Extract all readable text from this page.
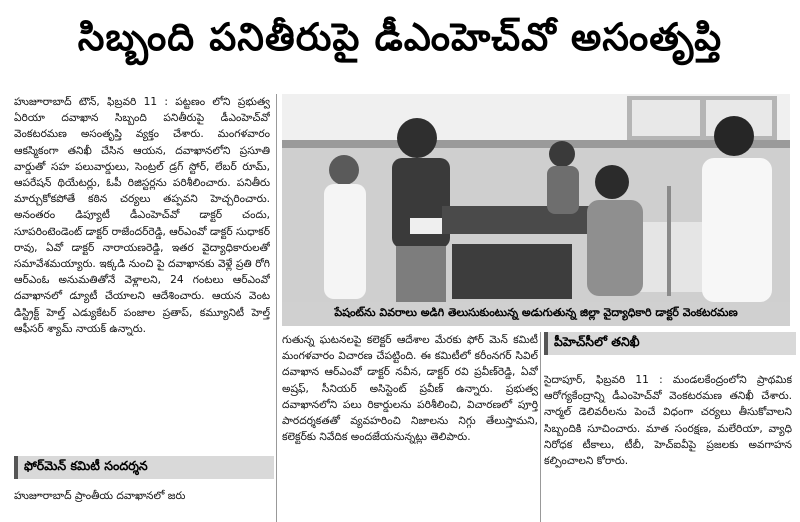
సిబ్బంది పనితీరుపై డీఎంహెచ్‌వో అసంతృప్తి

హుజూరాబాద్ టౌన్, ఫిబ్రవరి 11 : పట్టణం లోని ప్రభుత్వ ఏరియా దవాఖాన సిబ్బంది పనితీరుపై డీఎంహెచ్‌వో వెంకటరమణ అసంతృప్తి వ్యక్తం చేశారు. మంగళవారం ఆకస్మికంగా తనిఖీ చేసిన ఆయన, దవాఖానలోని ప్రసూతి వార్డుతో సహ పలువార్డులు, సెంట్రల్ డ్రగ్ స్టోర్, లేబర్ రూమ్, ఆపరేషన్ థియేటర్లు, ఓపీ రిజిస్టర్లను పరిశీలించారు. పనితీరు మార్చుకోకపోతే కఠిన చర్యలు తప్పవని హెచ్చరించారు. అనంతరం డిప్యూటీ డీఎంహెచ్‌వో డాక్టర్ చందు, సూపరింటెండెంట్ డాక్టర్ రాజేందర్‌రెడ్డి, ఆర్ఎంవో డాక్టర్ సుధాకర్ రావు, ఏవో డాక్టర్ నారాయణరెడ్డి, ఇతర వైద్యాధికారులతో సమావేశమయ్యారు. ఇక్కడి నుంచి పై దవాఖానకు వెళ్లే ప్రతి రోగి ఆర్ఎంఓ అనుమతితోనే వెళ్లాలని, 24 గంటలు ఆర్ఎంవో దవాఖానలో డ్యూటీ చేయాలని ఆదేశించారు. ఆయన వెంట డిస్ట్రిక్ట్ హెల్త్ ఎడ్యుకేటర్ పంజాల ప్రతాప్, కమ్యూనిటీ హెల్త్ ఆఫీసర్ శ్యామ్ నాయక్ ఉన్నారు.

ఫోర్‌మెన్ కమిటీ సందర్శన

హుజూరాబాద్ ప్రాంతీయ దవాఖానలో జరు

పేషంట్‌ను వివరాలు అడిగి తెలుసుకుంటున్న అడుగుతున్న జిల్లా వైద్యాధికారి డాక్టర్ వెంకటరమణ

గుతున్న ఘటనలపై కలెక్టర్ ఆదేశాల మేరకు ఫోర్ మెన్ కమిటీ మంగళవారం విచారణ చేపట్టింది. ఈ కమిటీలో కరీంనగర్ సివిల్ దవాఖాన ఆర్ఎంవో డాక్టర్ నవీన, డాక్టర్ రవి ప్రవీణ్‌రెడ్డి, ఏవో అష్రఫ్, సీనియర్ అసిస్టెంట్ ప్రవీణ్ ఉన్నారు. ప్రభుత్వ దవాఖానలోని పలు రికార్డులను పరిశీలించి, విచారణలో పూర్తి పారదర్శకతతో వ్యవహరించి నిజాలను నిగ్గు తేలుస్తామని, కలెక్టర్‌కు నివేదిక అందజేయనున్నట్లు తెలిపారు.

పీహెచ్‌సీలో తనిఖీ

సైదాపూర్, ఫిబ్రవరి 11 : మండలకేంద్రంలోని ప్రాథమిక ఆరోగ్యకేంద్రాన్ని డీఎంహెచ్‌వో వెంకటరమణ తనిఖీ చేశారు. నార్మల్ డెలివరీలను పెంచే విధంగా చర్యలు తీసుకోవాలని సిబ్బందికి సూచించారు. మాత సంరక్షణ, మలేరియా, వ్యాధి నిరోధక టీకాలు, టీబీ, హెచ్ఐవీపై ప్రజలకు అవగాహన కల్పించాలని కోరారు.
